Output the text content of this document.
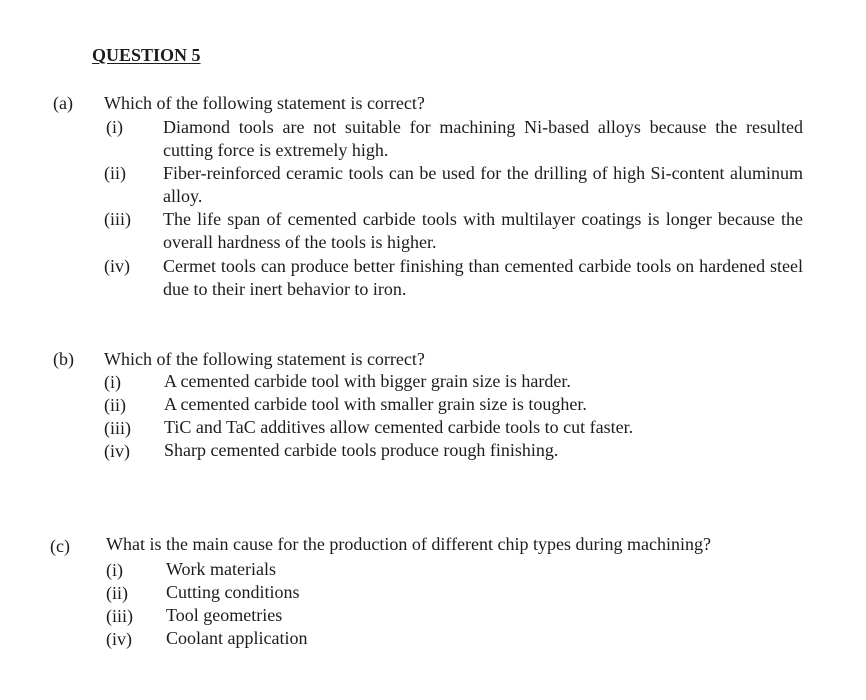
QUESTION 5
(a) Which of the following statement is correct?
(i) Diamond tools are not suitable for machining Ni-based alloys because the resulted cutting force is extremely high.
(ii) Fiber-reinforced ceramic tools can be used for the drilling of high Si-content aluminum alloy.
(iii) The life span of cemented carbide tools with multilayer coatings is longer because the overall hardness of the tools is higher.
(iv) Cermet tools can produce better finishing than cemented carbide tools on hardened steel due to their inert behavior to iron.
(b) Which of the following statement is correct?
(i) A cemented carbide tool with bigger grain size is harder.
(ii) A cemented carbide tool with smaller grain size is tougher.
(iii) TiC and TaC additives allow cemented carbide tools to cut faster.
(iv) Sharp cemented carbide tools produce rough finishing.
(c) What is the main cause for the production of different chip types during machining?
(i) Work materials
(ii) Cutting conditions
(iii) Tool geometries
(iv) Coolant application
